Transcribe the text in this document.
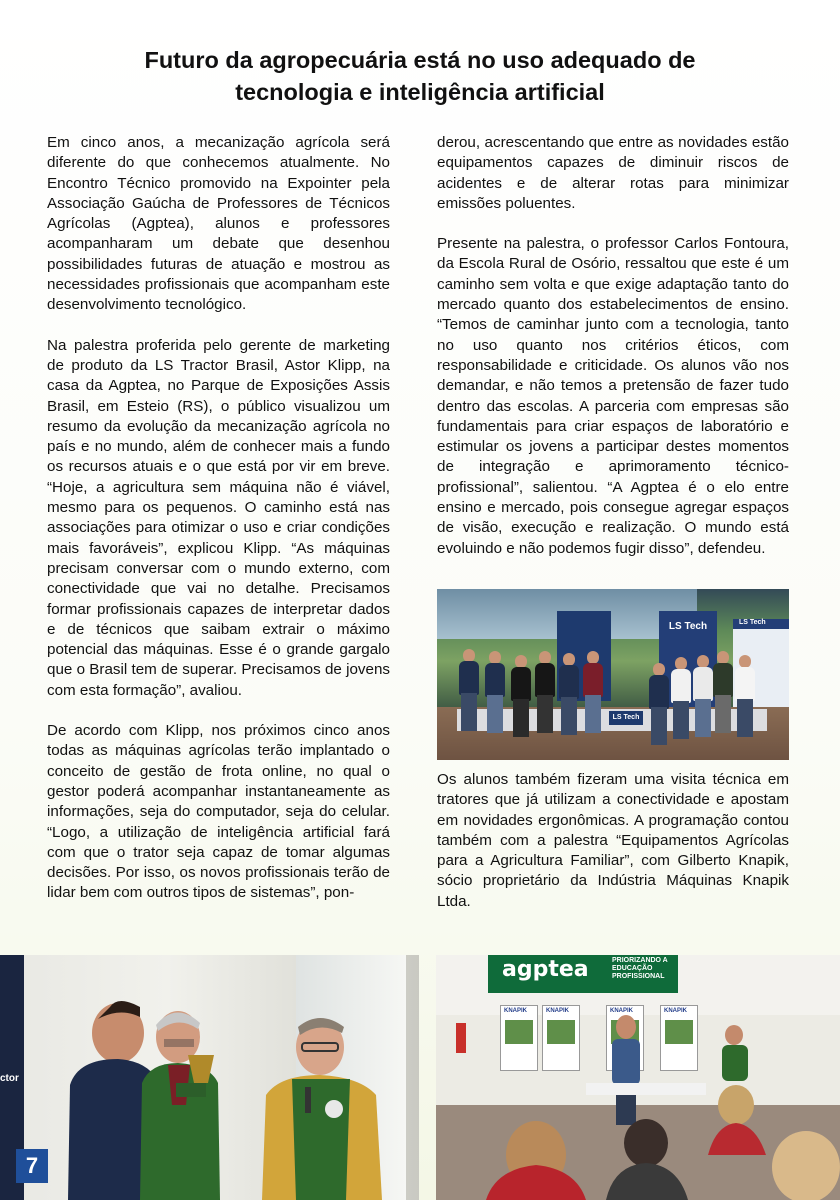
Futuro da agropecuária está no uso adequado de
tecnologia e inteligência artificial

Em cinco anos, a mecanização agrícola será diferente do que conhecemos atualmente. No Encontro Técnico promovido na Expointer pela Associação Gaúcha de Professores de Técnicos Agrícolas (Agptea), alunos e professores acompanharam um debate que desenhou possibilidades futuras de atuação e mostrou as necessidades profissionais que acompanham este desenvolvimento tecnológico.

Na palestra proferida pelo gerente de marketing de produto da LS Tractor Brasil, Astor Klipp, na casa da Agptea, no Parque de Exposições Assis Brasil, em Esteio (RS), o público visualizou um resumo da evolução da mecanização agrícola no país e no mundo, além de conhecer mais a fundo os recursos atuais e o que está por vir em breve. “Hoje, a agricultura sem máquina não é viável, mesmo para os pequenos. O caminho está nas associações para otimizar o uso e criar condições mais favoráveis”, explicou Klipp. “As máquinas precisam conversar com o mundo externo, com conectividade que vai no detalhe. Precisamos formar profissionais capazes de interpretar dados e de técnicos que saibam extrair o máximo potencial das máquinas. Esse é o grande gargalo que o Brasil tem de superar. Precisamos de jovens com esta formação”, avaliou.

De acordo com Klipp, nos próximos cinco anos todas as máquinas agrícolas terão implantado o conceito de gestão de frota online, no qual o gestor poderá acompanhar instantaneamente as informações, seja do computador, seja do celular. “Logo, a utilização de inteligência artificial fará com que o trator seja capaz de tomar algumas decisões. Por isso, os novos profissionais terão de lidar bem com outros tipos de sistemas”, pon-

derou, acrescentando que entre as novidades estão equipamentos capazes de diminuir riscos de acidentes e de alterar rotas para minimizar emissões poluentes.

Presente na palestra, o professor Carlos Fontoura, da Escola Rural de Osório, ressaltou que este é um caminho sem volta e que exige adaptação tanto do mercado quanto dos estabelecimentos de ensino. “Temos de caminhar junto com a tecnologia, tanto no uso quanto nos critérios éticos, com responsabilidade e criticidade. Os alunos vão nos demandar, e não temos a pretensão de fazer tudo dentro das escolas. A parceria com empresas são fundamentais para criar espaços de laboratório e estimular os jovens a participar destes momentos de integração e aprimoramento técnico-profissional”, salientou. “A Agptea é o elo entre ensino e mercado, pois consegue agregar espaços de visão, execução e realização. O mundo está evoluindo e não podemos fugir disso”, defendeu.

LS Tech	LS Tech
LS Tech

Os alunos também fizeram uma visita técnica em tratores que já utilizam a conectividade e apostam em novidades ergonômicas. A programação contou também com a palestra “Equipamentos Agrícolas para a Agricultura Familiar”, com Gilberto Knapik, sócio proprietário da Indústria Máquinas Knapik Ltda.

ctor
agptea	PRIORIZANDO A EDUCAÇÃO PROFISSIONAL
KNAPIK	KNAPIK	KNAPIK	KNAPIK
7
